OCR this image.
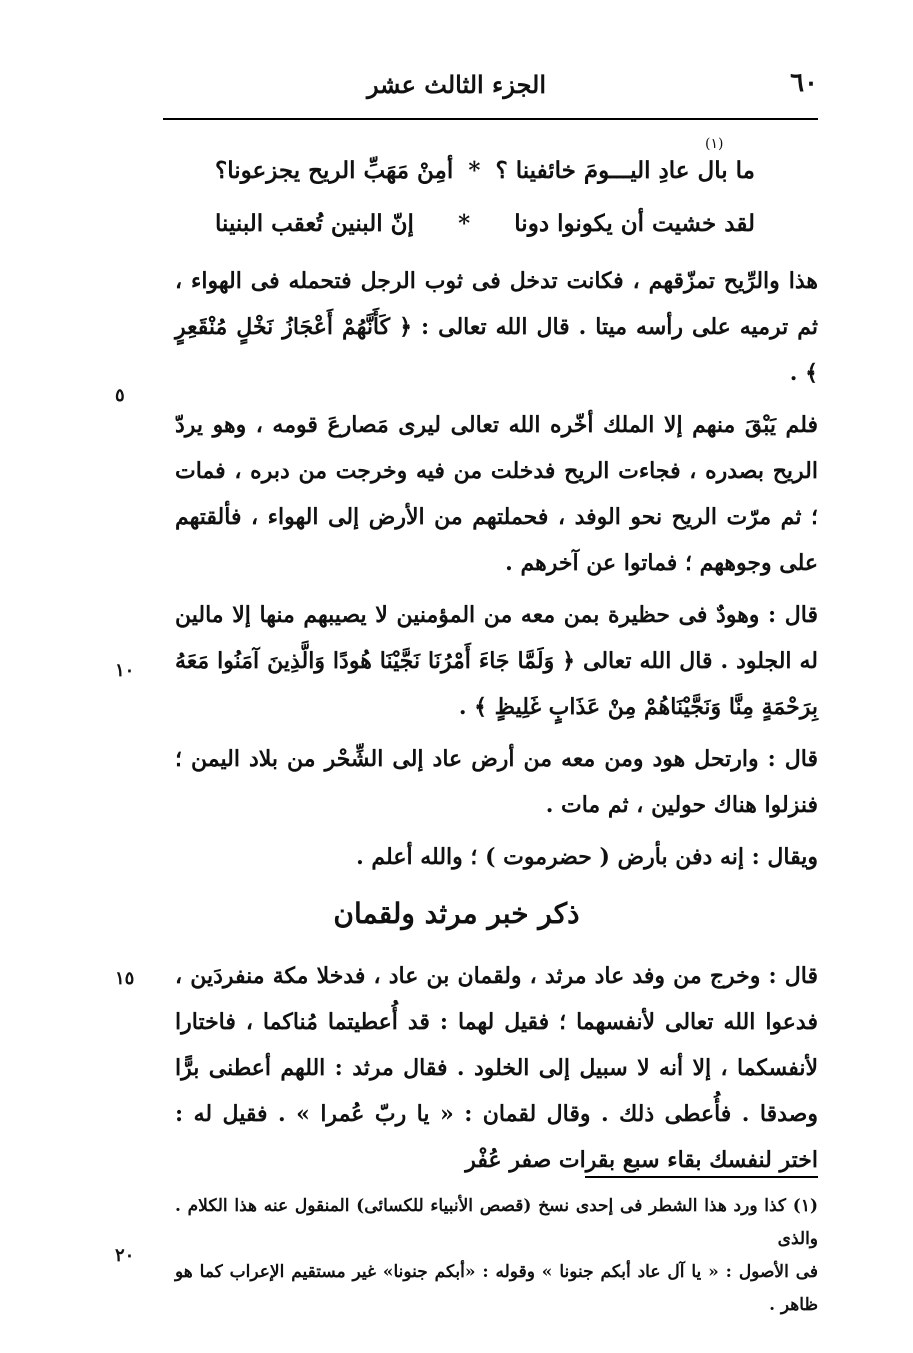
٦٠
الجزء الثالث عشر
(١)
ما بال عادِ اليـــومَ خائفينا ؟
*
أمِنْ مَهَبِّ الريح يجزعونا؟
لقد خشيت أن يكونوا دونا
*
إنّ البنين تُعقب البنينا

هذا والرِّيح تمزّقهم ، فكانت تدخل فى ثوب الرجل فتحمله فى الهواء ، ثم ترميه على رأسه ميتا . قال الله تعالى : ﴿ كَأَنَّهُمْ أَعْجَازُ نَخْلٍ مُنْقَعِرٍ ﴾ .

فلم يَبْقَ منهم إلا الملك أخّره الله تعالى ليرى مَصارعَ قومه ، وهو يردّ الريح بصدره ، فجاءت الريح فدخلت من فيه وخرجت من دبره ، فمات ؛ ثم مرّت الريح نحو الوفد ، فحملتهم من الأرض إلى الهواء ، فألقتهم على وجوههم ؛ فماتوا عن آخرهم .

قال : وهودٌ فى حظيرة بمن معه من المؤمنين لا يصيبهم منها إلا مالين له الجلود . قال الله تعالى ﴿ وَلَمَّا جَاءَ أَمْرُنَا نَجَّيْنَا هُودًا وَالَّذِينَ آمَنُوا مَعَهُ بِرَحْمَةٍ مِنَّا وَنَجَّيْنَاهُمْ مِنْ عَذَابٍ غَلِيظٍ ﴾ .

قال : وارتحل هود ومن معه من أرض عاد إلى الشِّحْر من بلاد اليمن ؛ فنزلوا هناك حولين ، ثم مات .

ويقال : إنه دفن بأرض ( حضرموت ) ؛ والله أعلم .

ذكر خبر مرثد ولقمان

قال : وخرج من وفد عاد مرثد ، ولقمان بن عاد ، فدخلا مكة منفردَين ، فدعوا الله تعالى لأنفسهما ؛ فقيل لهما : قد أُعطيتما مُناكما ، فاختارا لأنفسكما ، إلا أنه لا سبيل إلى الخلود . فقال مرثد : اللهم أعطنى برًّا وصدقا . فأُعطى ذلك . وقال لقمان : « يا ربّ عُمرا » . فقيل له : اختر لنفسك بقاء سبع بقرات صفر عُفْر

٥
١٠
١٥
٢٠

(١) كذا ورد هذا الشطر فى إحدى نسخ (قصص الأنبياء للكسائى) المنقول عنه هذا الكلام . والذى

فى الأصول : « يا آل عاد أبكم جنونا » وقوله : «أبكم جنونا» غير مستقيم الإعراب كما هو ظاهر .
